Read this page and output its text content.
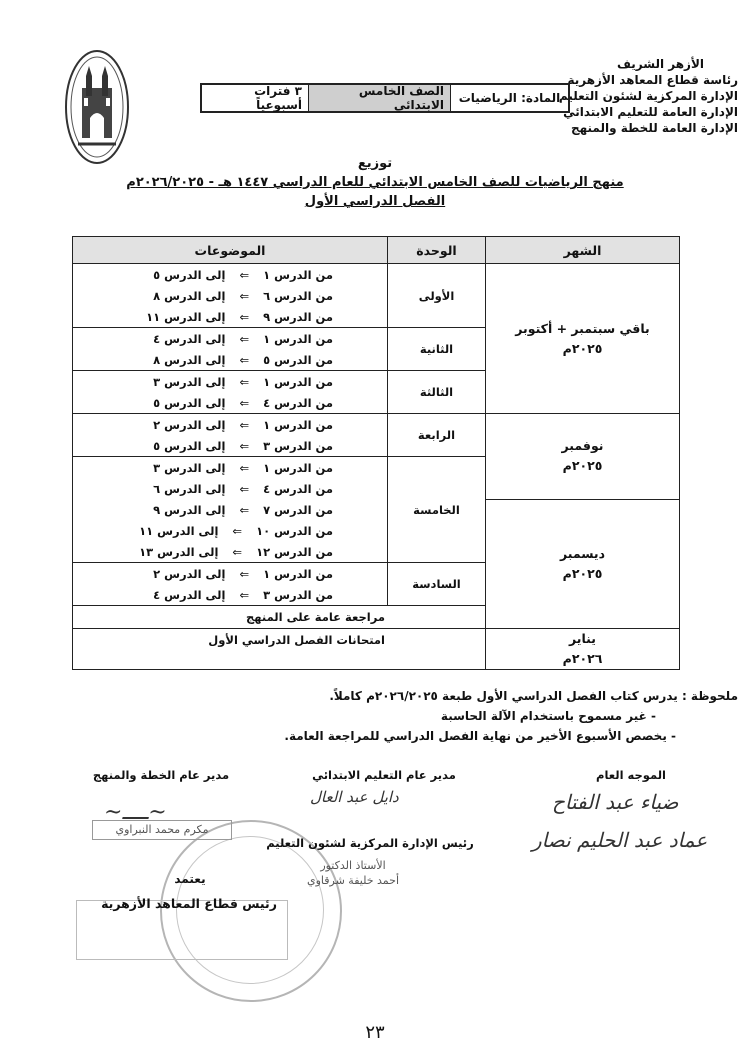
الأزهر الشريف
رئاسة قطاع المعاهد الأزهرية
الإدارة المركزية لشئون التعليم
الإدارة العامة للتعليم الابتدائي
الإدارة العامة للخطة والمنهج
المادة: الرياضيات
الصف الخامس الابتدائي
٣ فترات أسبوعياً
توزيع
منهج الرياضيات للصف الخامس الابتدائي للعام الدراسي ١٤٤٧ هـ - ٢٠٢٦/٢٠٢٥م
الفصل الدراسي الأول
الشهر	الوحدة	الموضوعات

باقي سبتمبر + أكتوبر
٢٠٢٥م	الأولى	من الدرس ١⇐إلى الدرس ٥
		من الدرس ٦⇐إلى الدرس ٨
		من الدرس ٩⇐إلى الدرس ١١
	الثانية	من الدرس ١⇐إلى الدرس ٤
		من الدرس ٥⇐إلى الدرس ٨
	الثالثة	من الدرس ١⇐إلى الدرس ٣
		من الدرس ٤⇐إلى الدرس ٥

نوفمبر
٢٠٢٥م	الرابعة	من الدرس ١⇐إلى الدرس ٢
		من الدرس ٣⇐إلى الدرس ٥
	الخامسة	من الدرس ١⇐إلى الدرس ٣
		من الدرس ٤⇐إلى الدرس ٦

ديسمبر
٢٠٢٥م		من الدرس ٧⇐إلى الدرس ٩
		من الدرس ١٠⇐إلى الدرس ١١
		من الدرس ١٢⇐إلى الدرس ١٣
	السادسة	من الدرس ١⇐إلى الدرس ٢
		من الدرس ٣⇐إلى الدرس ٤
	مراجعة عامة على المنهج	

يناير
٢٠٢٦م	امتحانات الفصل الدراسي الأول	
ملحوظة : يدرس كتاب الفصل الدراسي الأول طبعة ٢٠٢٦/٢٠٢٥م كاملاً.
- غير مسموح باستخدام الآلة الحاسبة
- يخصص الأسبوع الأخير من نهاية الفصل الدراسي للمراجعة العامة.
الموجه العام
ضياء عبد الفتاح
عماد عبد الحليم نصار
مدير عام التعليم الابتدائي
دايل عبد العال
مدير عام الخطة والمنهج
~ــــ~
مكرم محمد النبراوي
رئيس الإدارة المركزية لشئون التعليم
الأستاذ الدكتور
أحمد خليفة شرقاوي
يعتمد
رئيس قطاع المعاهد الأزهرية
٢٣
